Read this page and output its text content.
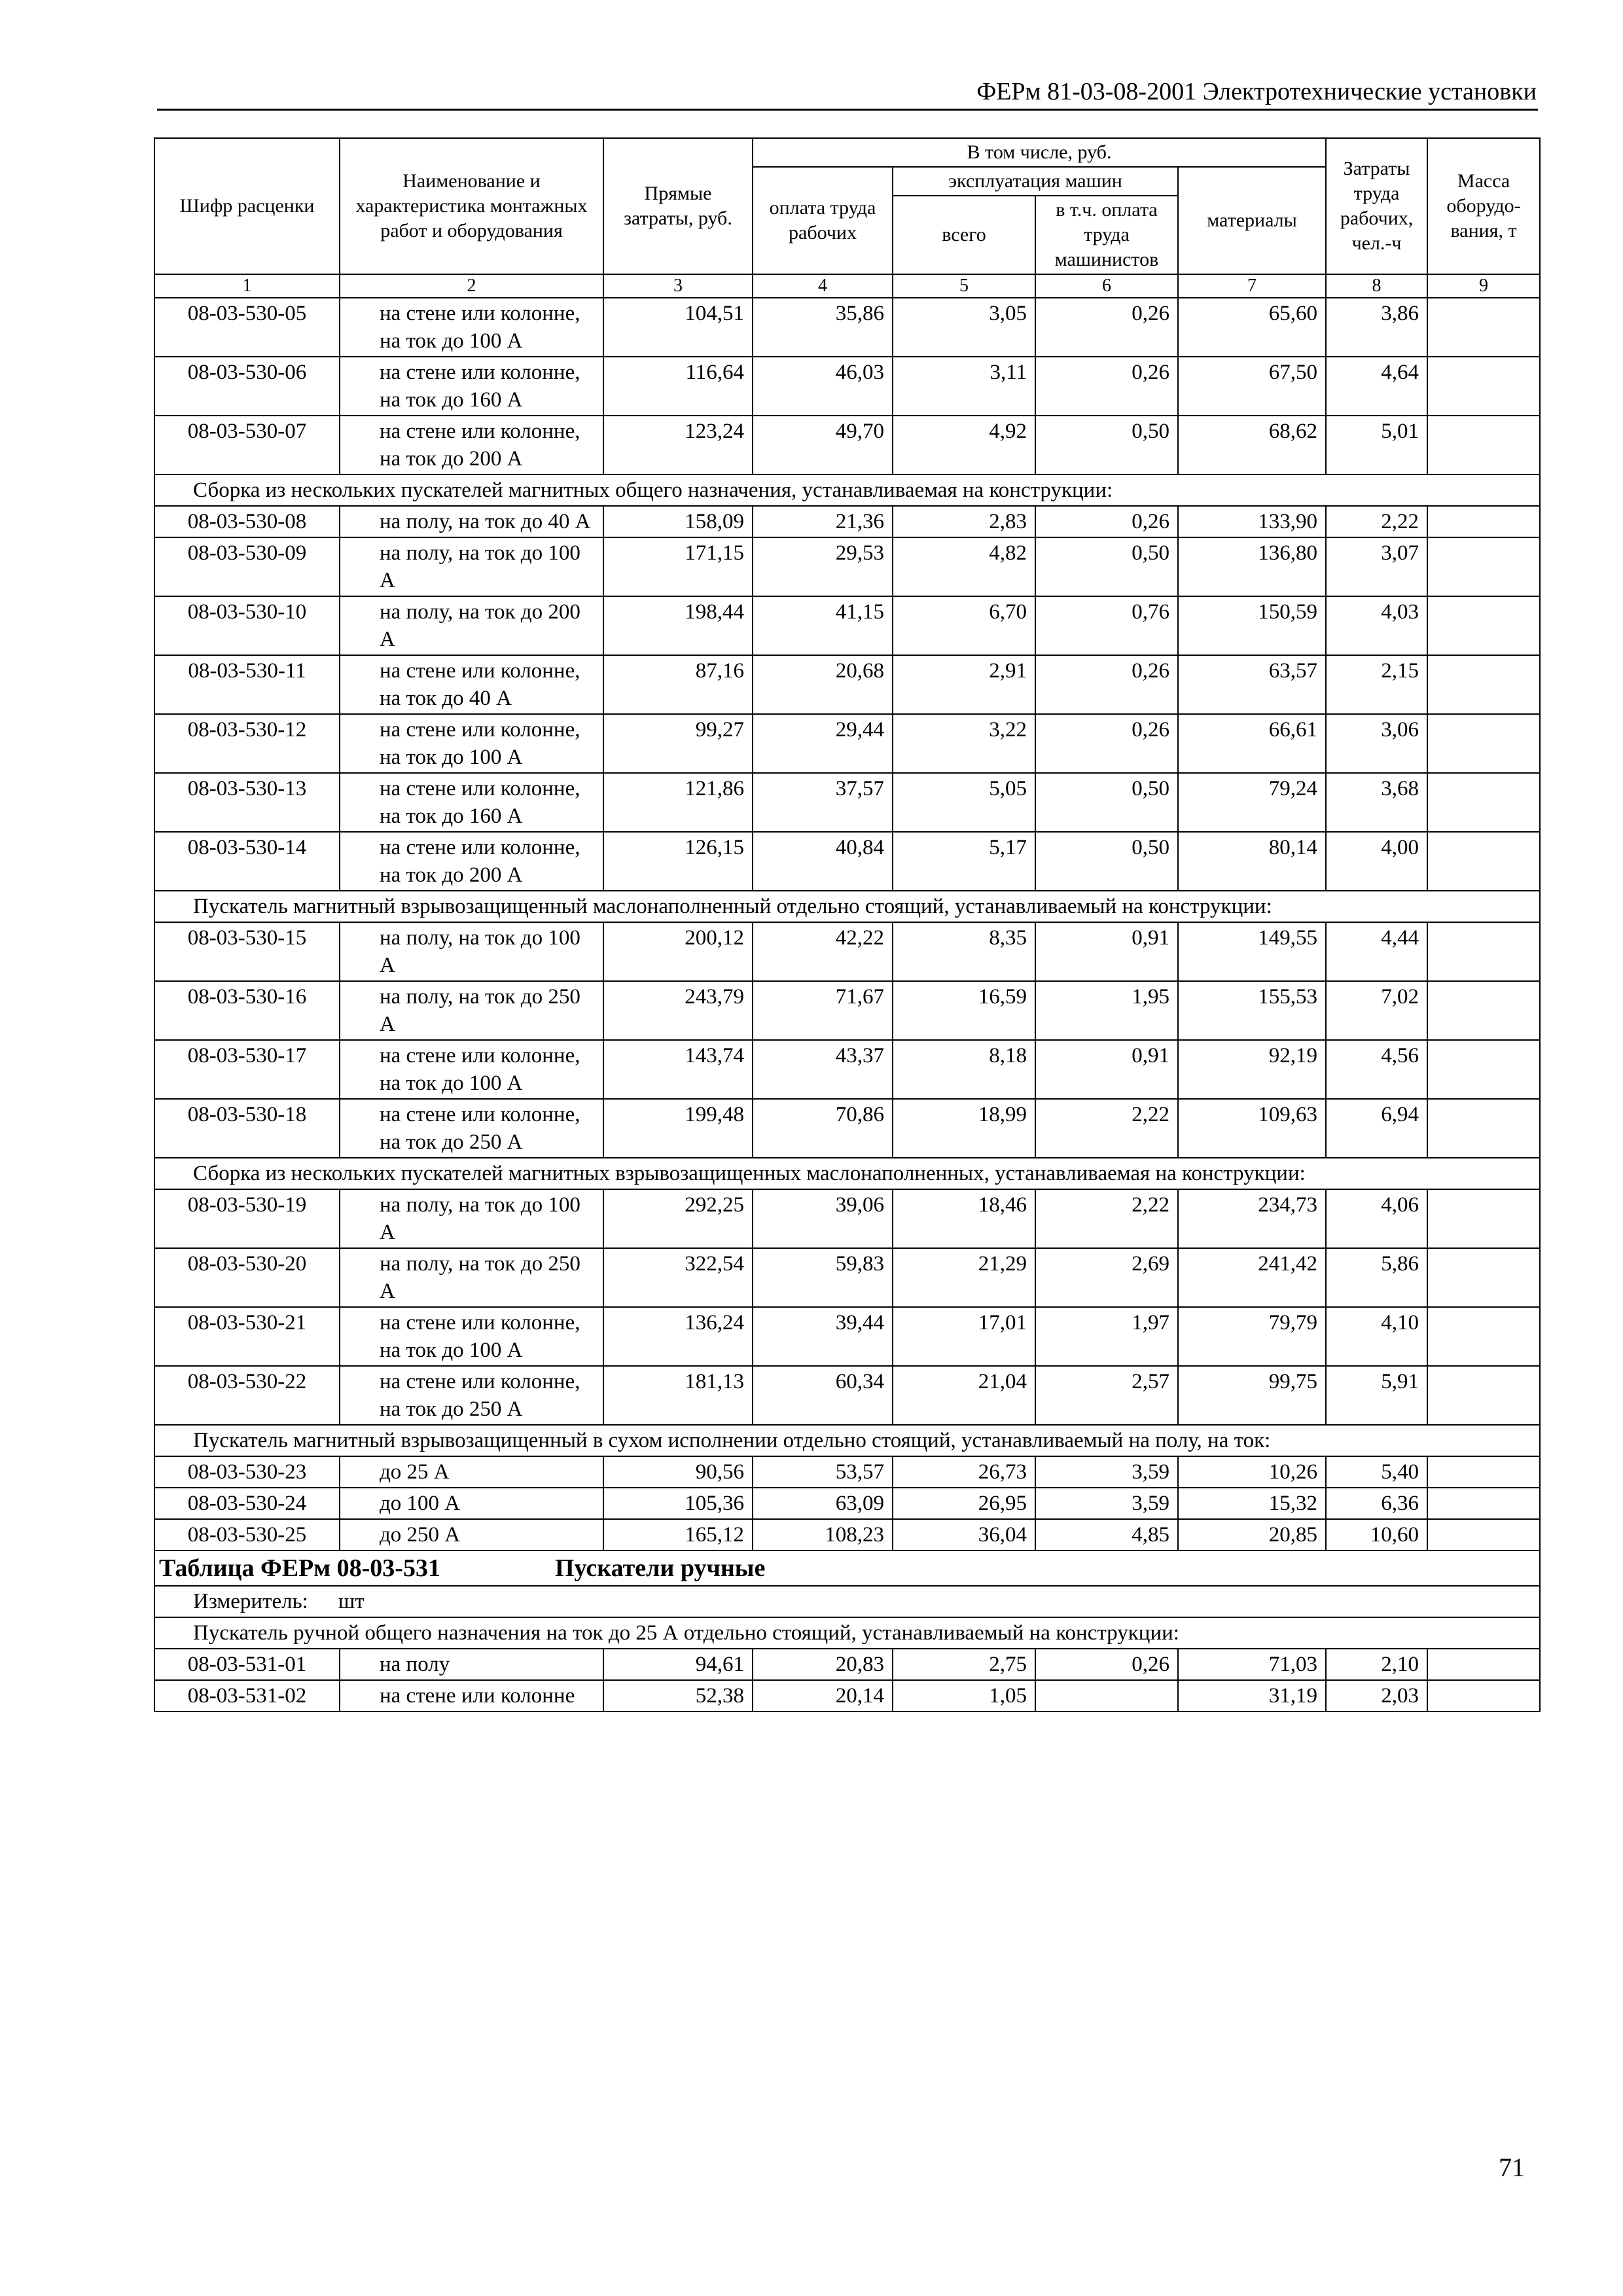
ФЕРм 81-03-08-2001 Электротехнические установки
Шифр расценки	Наименование и характеристика монтажных работ и оборудования	Прямые затраты, руб.	В том числе, руб.				Затраты труда рабочих, чел.-ч	Масса оборудо-вания, т
			оплата труда рабочих	эксплуатация машин		материалы		
				всего	в т.ч. оплата труда машинистов			
1	2	3	4	5	6	7	8	9
08-03-530-05	на стене или колонне, на ток до 100 А	104,51	35,86	3,05	0,26	65,60	3,86	
08-03-530-06	на стене или колонне, на ток до 160 А	116,64	46,03	3,11	0,26	67,50	4,64	
08-03-530-07	на стене или колонне, на ток до 200 А	123,24	49,70	4,92	0,50	68,62	5,01	
Сборка из нескольких пускателей магнитных общего назначения, устанавливаемая на конструкции:								
08-03-530-08	на полу, на ток до 40 А	158,09	21,36	2,83	0,26	133,90	2,22	
08-03-530-09	на полу, на ток до 100 А	171,15	29,53	4,82	0,50	136,80	3,07	
08-03-530-10	на полу, на ток до 200 А	198,44	41,15	6,70	0,76	150,59	4,03	
08-03-530-11	на стене или колонне, на ток до 40 А	87,16	20,68	2,91	0,26	63,57	2,15	
08-03-530-12	на стене или колонне, на ток до 100 А	99,27	29,44	3,22	0,26	66,61	3,06	
08-03-530-13	на стене или колонне, на ток до 160 А	121,86	37,57	5,05	0,50	79,24	3,68	
08-03-530-14	на стене или колонне, на ток до 200 А	126,15	40,84	5,17	0,50	80,14	4,00	
Пускатель магнитный взрывозащищенный маслонаполненный отдельно стоящий, устанавливаемый на конструкции:								
08-03-530-15	на полу, на ток до 100 А	200,12	42,22	8,35	0,91	149,55	4,44	
08-03-530-16	на полу, на ток до 250 А	243,79	71,67	16,59	1,95	155,53	7,02	
08-03-530-17	на стене или колонне, на ток до 100 А	143,74	43,37	8,18	0,91	92,19	4,56	
08-03-530-18	на стене или колонне, на ток до 250 А	199,48	70,86	18,99	2,22	109,63	6,94	
Сборка из нескольких пускателей магнитных взрывозащищенных маслонаполненных, устанавливаемая на конструкции:								
08-03-530-19	на полу, на ток до 100 А	292,25	39,06	18,46	2,22	234,73	4,06	
08-03-530-20	на полу, на ток до 250 А	322,54	59,83	21,29	2,69	241,42	5,86	
08-03-530-21	на стене или колонне, на ток до 100 А	136,24	39,44	17,01	1,97	79,79	4,10	
08-03-530-22	на стене или колонне, на ток до 250 А	181,13	60,34	21,04	2,57	99,75	5,91	
Пускатель магнитный взрывозащищенный в сухом исполнении отдельно стоящий, устанавливаемый на полу, на ток:								
08-03-530-23	до 25 А	90,56	53,57	26,73	3,59	10,26	5,40	
08-03-530-24	до 100 А	105,36	63,09	26,95	3,59	15,32	6,36	
08-03-530-25	до 250 А	165,12	108,23	36,04	4,85	20,85	10,60	
Таблица ФЕРм 08-03-531 Пускатели ручные								
Измеритель: шт								
Пускатель ручной общего назначения на ток до 25 А отдельно стоящий, устанавливаемый на конструкции:								
08-03-531-01	на полу	94,61	20,83	2,75	0,26	71,03	2,10	
08-03-531-02	на стене или колонне	52,38	20,14	1,05		31,19	2,03	
71
